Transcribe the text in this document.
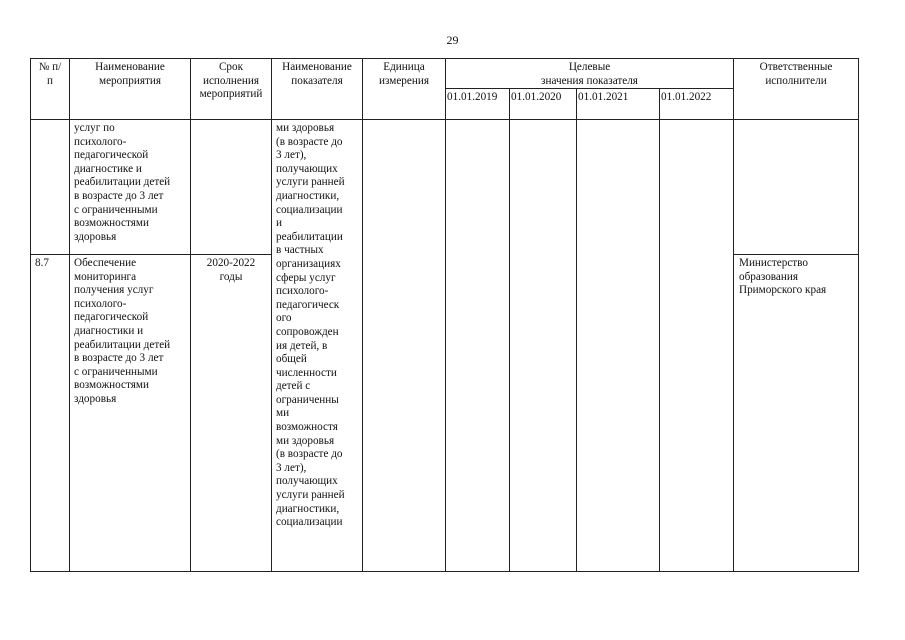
29
№ п/
п
Наименование
мероприятия
Срок
исполнения
мероприятий
Наименование
показателя
Единица
измерения
Целевые
значения показателя
Ответственные
исполнители
01.01.2019 01.01.2020 01.01.2021	01.01.2022
услуг по
психолого-
педагогической
диагностике и
реабилитации детей
в возрасте до 3 лет
с ограниченными
возможностями
здоровья
ми здоровья
(в возрасте до
3 лет),
получающих
услуги ранней
диагностики,
социализации
и
реабилитации
в частных
организациях
сферы услуг
психолого-
педагогическ
ого
сопровожден
ия детей, в
общей
численности
детей с
ограниченны
ми
возможностя
ми здоровья
(в возрасте до
3 лет),
получающих
услуги ранней
диагностики,
социализации
8.7 Обеспечение
мониторинга
получения услуг
психолого-
педагогической
диагностики и
реабилитации детей
в возрасте до 3 лет
с ограниченными
возможностями
здоровья
2020-2022
годы
Министерство
образования
Приморского края
